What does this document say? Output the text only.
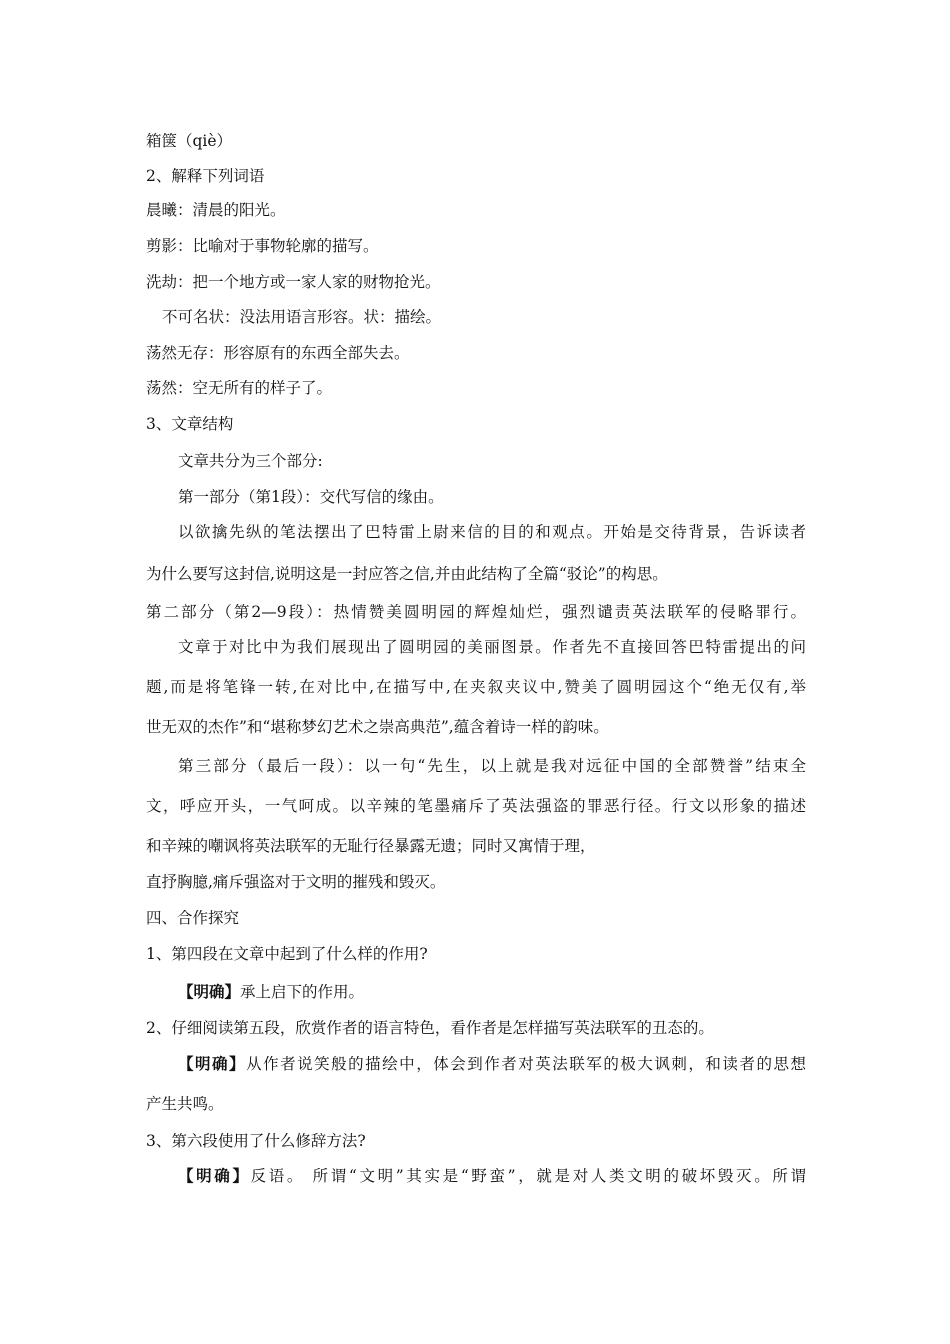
箱箧（qiè）
2、解释下列词语
晨曦：清晨的阳光。
剪影：比喻对于事物轮廓的描写。
洗劫：把一个地方或一家人家的财物抢光。
不可名状：没法用语言形容。状：描绘。
荡然无存：形容原有的东西全部失去。
荡然：空无所有的样子了。
3、文章结构
文章共分为三个部分:
第一部分（第1段）：交代写信的缘由。
以欲擒先纵的笔法摆出了巴特雷上尉来信的目的和观点。开始是交待背景，告诉读者
为什么要写这封信,说明这是一封应答之信,并由此结构了全篇“驳论”的构思。
第二部分（第2—9段）：热情赞美圆明园的辉煌灿烂，强烈谴责英法联军的侵略罪行。
文章于对比中为我们展现出了圆明园的美丽图景。作者先不直接回答巴特雷提出的问
题,而是将笔锋一转,在对比中,在描写中,在夹叙夹议中,赞美了圆明园这个“绝无仅有,举
世无双的杰作”和“堪称梦幻艺术之崇高典范”,蕴含着诗一样的韵味。
第三部分（最后一段）：以一句“先生，以上就是我对远征中国的全部赞誉”结束全
文，呼应开头，一气呵成。以辛辣的笔墨痛斥了英法强盗的罪恶行径。行文以形象的描述
和辛辣的嘲讽将英法联军的无耻行径暴露无遗；同时又寓情于理，
直抒胸臆,痛斥强盗对于文明的摧残和毁灭。
四、合作探究
1、第四段在文章中起到了什么样的作用?
【明确】承上启下的作用。
2、仔细阅读第五段，欣赏作者的语言特色，看作者是怎样描写英法联军的丑态的。
【明确】从作者说笑般的描绘中，体会到作者对英法联军的极大讽刺，和读者的思想
产生共鸣。
3、第六段使用了什么修辞方法?
【明确】反语。 所谓“文明”其实是“野蛮”，就是对人类文明的破坏毁灭。所谓
